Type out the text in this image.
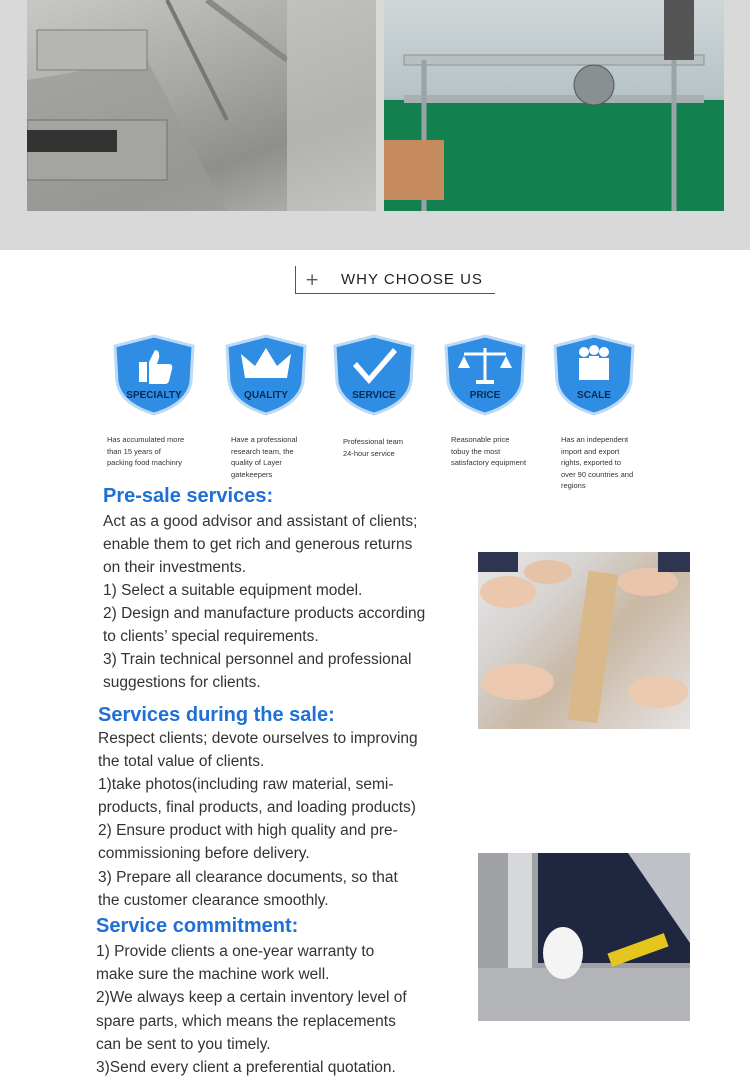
+ WHY CHOOSE US
SPECIALTY	QUALITY	SERVICE	PRICE	SCALE
Has accumulated more
than 15 years of
packing food machinry
Have a professional
research team, the
quality of Layer
gatekeepers
Professional team
24-hour service
Reasonable price
tobuy the most
satisfactory equipment
Has an independent
import and export
rights, exported to
over 90 countries and
regions
Pre-sale services:
Act as a good advisor and assistant of clients;
enable them to get rich and generous returns
on their investments.
1) Select a suitable equipment model.
2) Design and manufacture products according
to clients’ special requirements.
3) Train technical personnel and professional
suggestions for clients.
Services during the sale:
Respect clients; devote ourselves to improving
the total value of clients.
1)take photos(including raw material, semi-
products, final products, and loading products)
2) Ensure product with high quality and pre-
commissioning before delivery.
3) Prepare all clearance documents, so that
the customer clearance smoothly.
Service commitment:
1) Provide clients a one-year warranty to
make sure the machine work well.
2)We always keep a certain inventory level of
spare parts, which means the replacements
can be sent to you timely.
3)Send every client a preferential quotation.
